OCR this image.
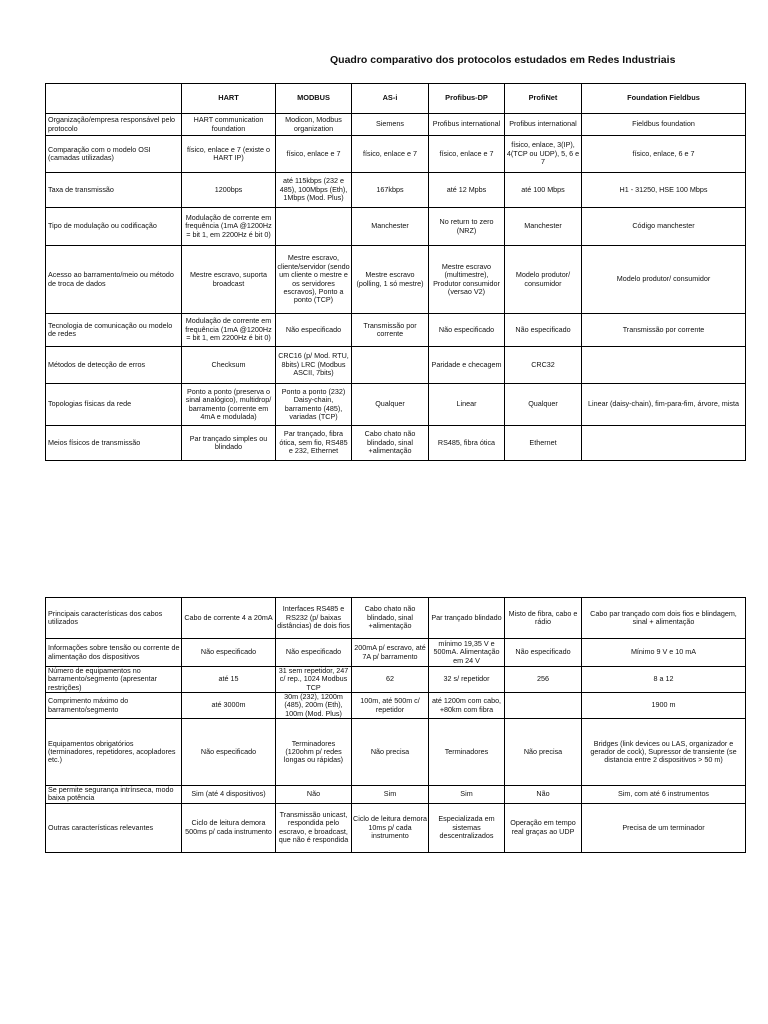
Quadro comparativo dos protocolos estudados em Redes Industriais
	HART	MODBUS	AS-i	Profibus-DP	ProfiNet	Foundation Fieldbus
Organização/empresa responsável pelo protocolo	HART communication foundation	Modicon, Modbus organization	Siemens	Profibus international	Profibus international	Fieldbus foundation
Comparação com o modelo OSI (camadas utilizadas)	físico, enlace e 7 (existe o HART IP)	físico, enlace e 7	físico, enlace e 7	físico, enlace e 7	físico, enlace, 3(IP), 4(TCP ou UDP), 5, 6 e 7	físico, enlace, 6 e 7
Taxa de transmissão	1200bps	até 115kbps (232 e 485), 100Mbps (Eth), 1Mbps (Mod. Plus)	167kbps	até 12 Mpbs	até 100 Mbps	H1 - 31250, HSE 100 Mbps
Tipo de modulação ou codificação	Modulação de corrente em frequência (1mA @1200Hz = bit 1, em 2200Hz é bit 0)		Manchester	No return to zero (NRZ)	Manchester	Código manchester
Acesso ao barramento/meio ou método de troca de dados	Mestre escravo, suporta broadcast	Mestre escravo, cliente/servidor (sendo um cliente o mestre e os servidores escravos), Ponto a ponto (TCP)	Mestre escravo (polling, 1 só mestre)	Mestre escravo (multimestre), Produtor consumidor (versao V2)	Modelo produtor/ consumidor	Modelo produtor/ consumidor
Tecnologia de comunicação ou modelo de redes	Modulação de corrente em frequência (1mA @1200Hz = bit 1, em 2200Hz é bit 0)	Não especificado	Transmissão por corrente	Não especificado	Não especificado	Transmissão por corrente
Métodos de detecção de erros	Checksum	CRC16 (p/ Mod. RTU, 8bits) LRC (Modbus ASCII, 7bits)		Paridade e checagem	CRC32	
Topologias físicas da rede	Ponto a ponto (preserva o sinal analógico), multidrop/ barramento (corrente em 4mA e modulada)	Ponto a ponto (232) Daisy-chain, barramento (485), variadas (TCP)	Qualquer	Linear	Qualquer	Linear (daisy-chain), fim-para-fim, árvore, mista
Meios físicos de transmissão	Par trançado simples ou blindado	Par trançado, fibra ótica, sem fio, RS485 e 232, Ethernet	Cabo chato não blindado, sinal +alimentação	RS485, fibra ótica	Ethernet	
Principais características dos cabos utilizados	Cabo de corrente 4 a 20mA	Interfaces RS485 e RS232 (p/ baixas distâncias) de dois fios	Cabo chato não blindado, sinal +alimentação	Par trançado blindado	Misto de fibra, cabo e rádio	Cabo par trançado com dois fios e blindagem, sinal + alimentação
Informações sobre tensão ou corrente de alimentação dos dispositivos	Não especificado	Não especificado	200mA p/ escravo, até 7A p/ barramento	mínimo 19,35 V e 500mA. Alimentação em 24 V	Não especificado	Mínimo 9 V e 10 mA
Número de equipamentos no barramento/segmento (apresentar restrições)	até 15	31 sem repetidor, 247 c/ rep., 1024 Modbus TCP	62	32 s/ repetidor	256	8 a 12
Comprimento máximo do barramento/segmento	até 3000m	30m (232), 1200m (485), 200m (Eth), 100m (Mod. Plus)	100m, até 500m c/ repetidor	até 1200m com cabo, +80km com fibra		1900 m
Equipamentos obrigatórios (terminadores, repetidores, acopladores etc.)	Não especificado	Terminadores (120ohm p/ redes longas ou rápidas)	Não precisa	Terminadores	Não precisa	Bridges (link devices ou LAS, organizador e gerador de cock), Supressor de transiente (se distancia entre 2 dispositivos > 50 m)
Se permite segurança intrínseca, modo baixa potência	Sim (até 4 dispositivos)	Não	Sim	Sim	Não	Sim, com até 6 instrumentos
Outras características relevantes	Ciclo de leitura demora 500ms p/ cada instrumento	Transmissão unicast, respondida pelo escravo, e broadcast, que não é respondida	Ciclo de leitura demora 10ms p/ cada instrumento	Especializada em sistemas descentralizados	Operação em tempo real graças ao UDP	Precisa de um terminador
